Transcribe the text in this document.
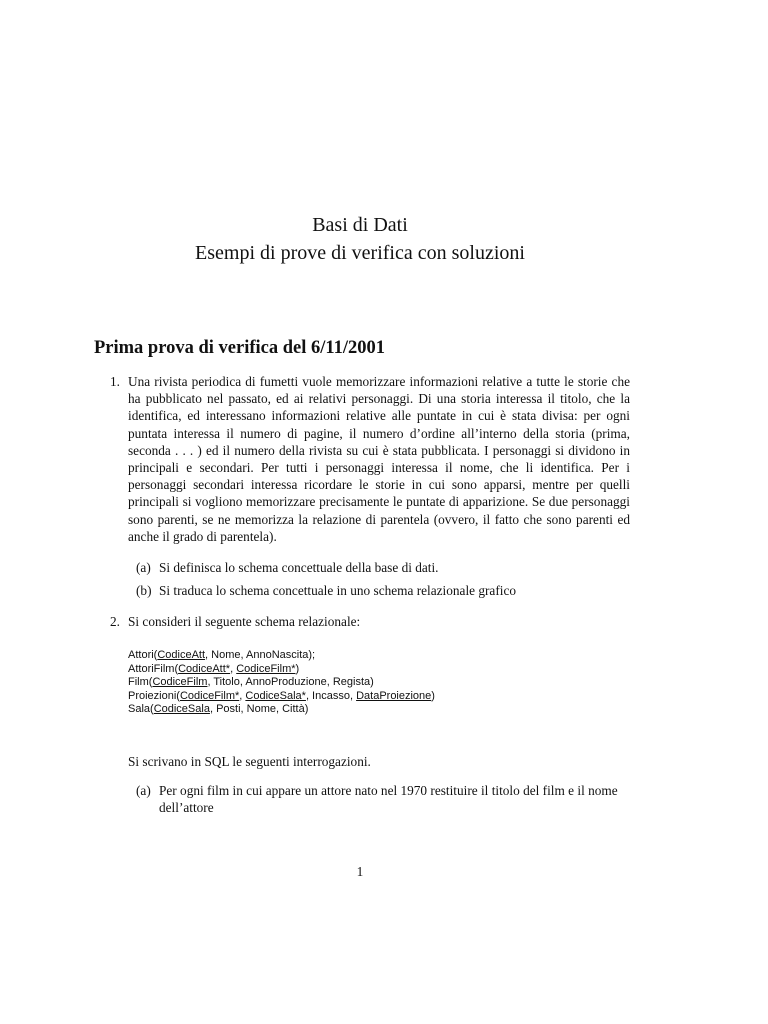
Basi di Dati
Esempi di prove di verifica con soluzioni
Prima prova di verifica del 6/11/2001
1. Una rivista periodica di fumetti vuole memorizzare informazioni relative a tutte le storie che ha pubblicato nel passato, ed ai relativi personaggi. Di una storia interessa il titolo, che la identifica, ed interessano informazioni relative alle puntate in cui è stata divisa: per ogni puntata interessa il numero di pagine, il numero d’ordine all’interno della storia (prima, seconda . . . ) ed il numero della rivista su cui è stata pubblicata. I personaggi si dividono in principali e secondari. Per tutti i personaggi interessa il nome, che li identifica. Per i personaggi secondari interessa ricordare le storie in cui sono apparsi, mentre per quelli principali si vogliono memorizzare precisamente le puntate di apparizione. Se due personaggi sono parenti, se ne memorizza la relazione di parentela (ovvero, il fatto che sono parenti ed anche il grado di parentela).
(a) Si definisca lo schema concettuale della base di dati.
(b) Si traduca lo schema concettuale in uno schema relazionale grafico
2. Si consideri il seguente schema relazionale:
Attori(CodiceAtt, Nome, AnnoNascita);
AttoriFilm(CodiceAtt*, CodiceFilm*)
Film(CodiceFilm, Titolo, AnnoProduzione, Regista)
Proiezioni(CodiceFilm*, CodiceSala*, Incasso, DataProiezione)
Sala(CodiceSala, Posti, Nome, Città)
Si scrivano in SQL le seguenti interrogazioni.
(a) Per ogni film in cui appare un attore nato nel 1970 restituire il titolo del film e il nome dell’attore
1
